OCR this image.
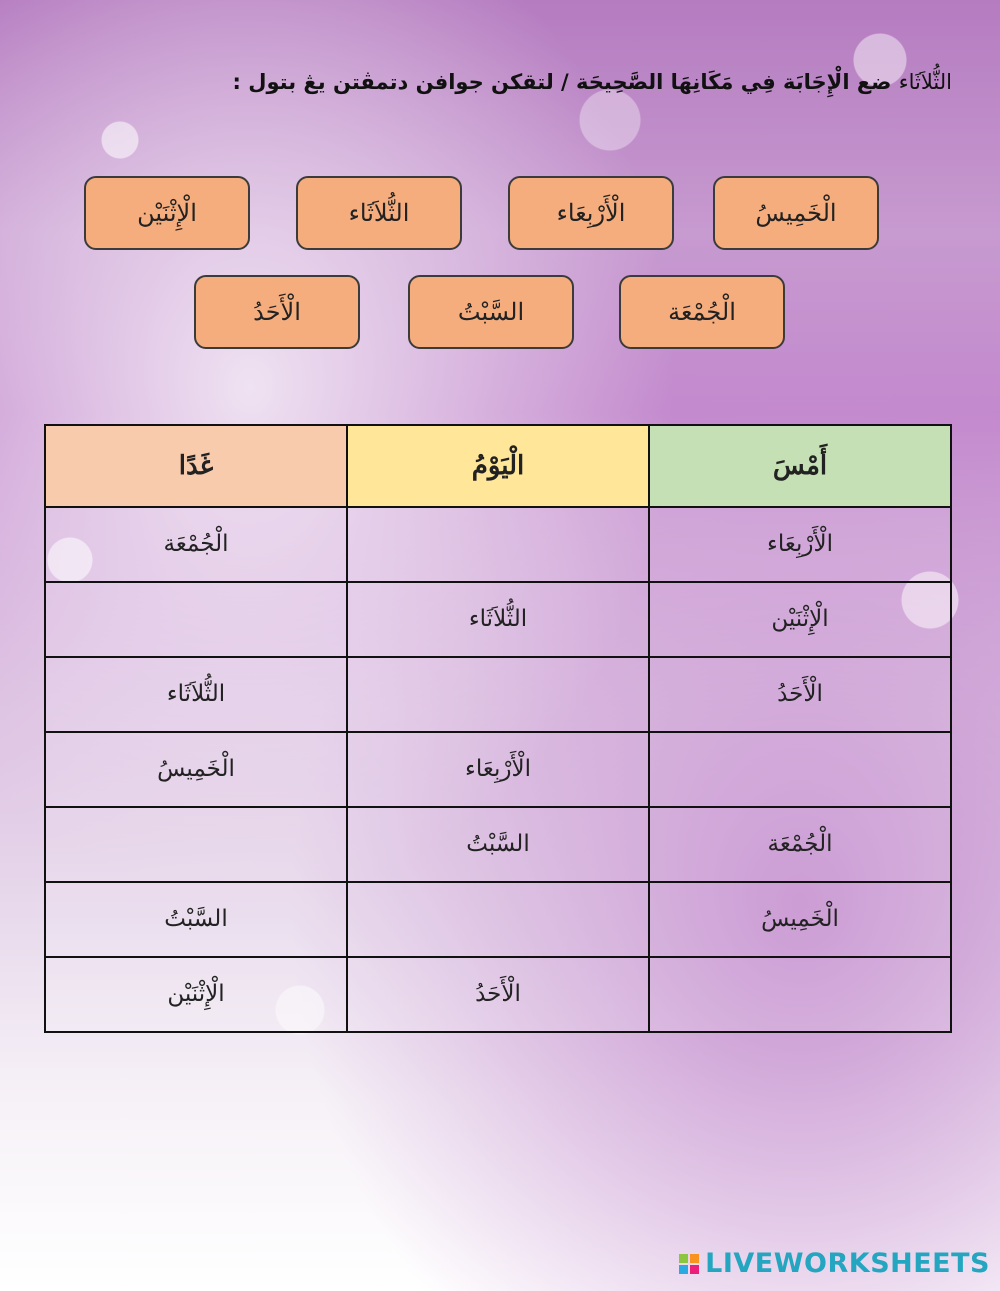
الثُّلاَثَاء ضع الْإِجَابَة فِي مَكَانِهَا الصَّحِيحَة / لتقكن جوافن دتمڤتن يڠ بتول :
الْخَمِيسُ
الْأَرْبِعَاء
الثُّلاَثَاء
الْإِثْنَيْن
الْجُمْعَة
السَّبْتُ
الْأَحَدُ
أَمْسَ	الْيَوْمُ	غَدًا

الْأَرْبِعَاء		الْجُمْعَة

الْإِثْنَيْن	الثُّلاَثَاء	

الْأَحَدُ		الثُّلاَثَاء

	الْأَرْبِعَاء	الْخَمِيسُ

الْجُمْعَة	السَّبْتُ	

الْخَمِيسُ		السَّبْتُ

	الْأَحَدُ	الْإِثْنَيْن
LIVEWORKSHEETS
